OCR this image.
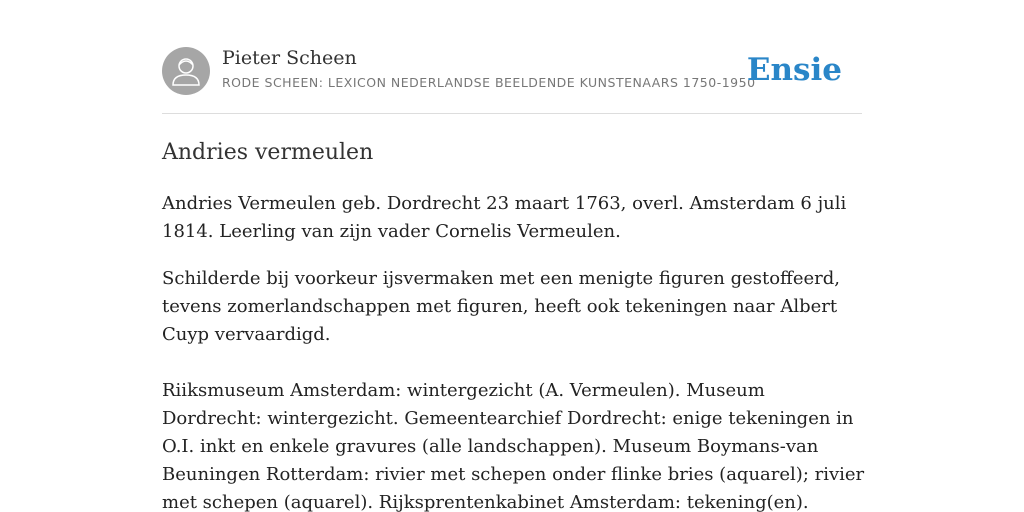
Pieter Scheen
RODE SCHEEN: LEXICON NEDERLANDSE BEELDENDE KUNSTENAARS 1750-1950
Ensie
Andries vermeulen

Andries Vermeulen geb. Dordrecht 23 maart 1763, overl. Amsterdam 6 juli 1814. Leerling van zijn vader Cornelis Vermeulen.

Schilderde bij voorkeur ijsvermaken met een menigte figuren gestoffeerd, tevens zomerlandschappen met figuren, heeft ook tekeningen naar Albert Cuyp vervaardigd.

Riiksmuseum Amsterdam: wintergezicht (A. Vermeulen). Museum Dordrecht: wintergezicht. Gemeentearchief Dordrecht: enige tekeningen in O.I. inkt en enkele gravures (alle landschappen). Museum Boymans-van Beuningen Rotterdam: rivier met schepen onder flinke bries (aquarel); rivier met schepen (aquarel). Rijksprentenkabinet Amsterdam: tekening(en).
